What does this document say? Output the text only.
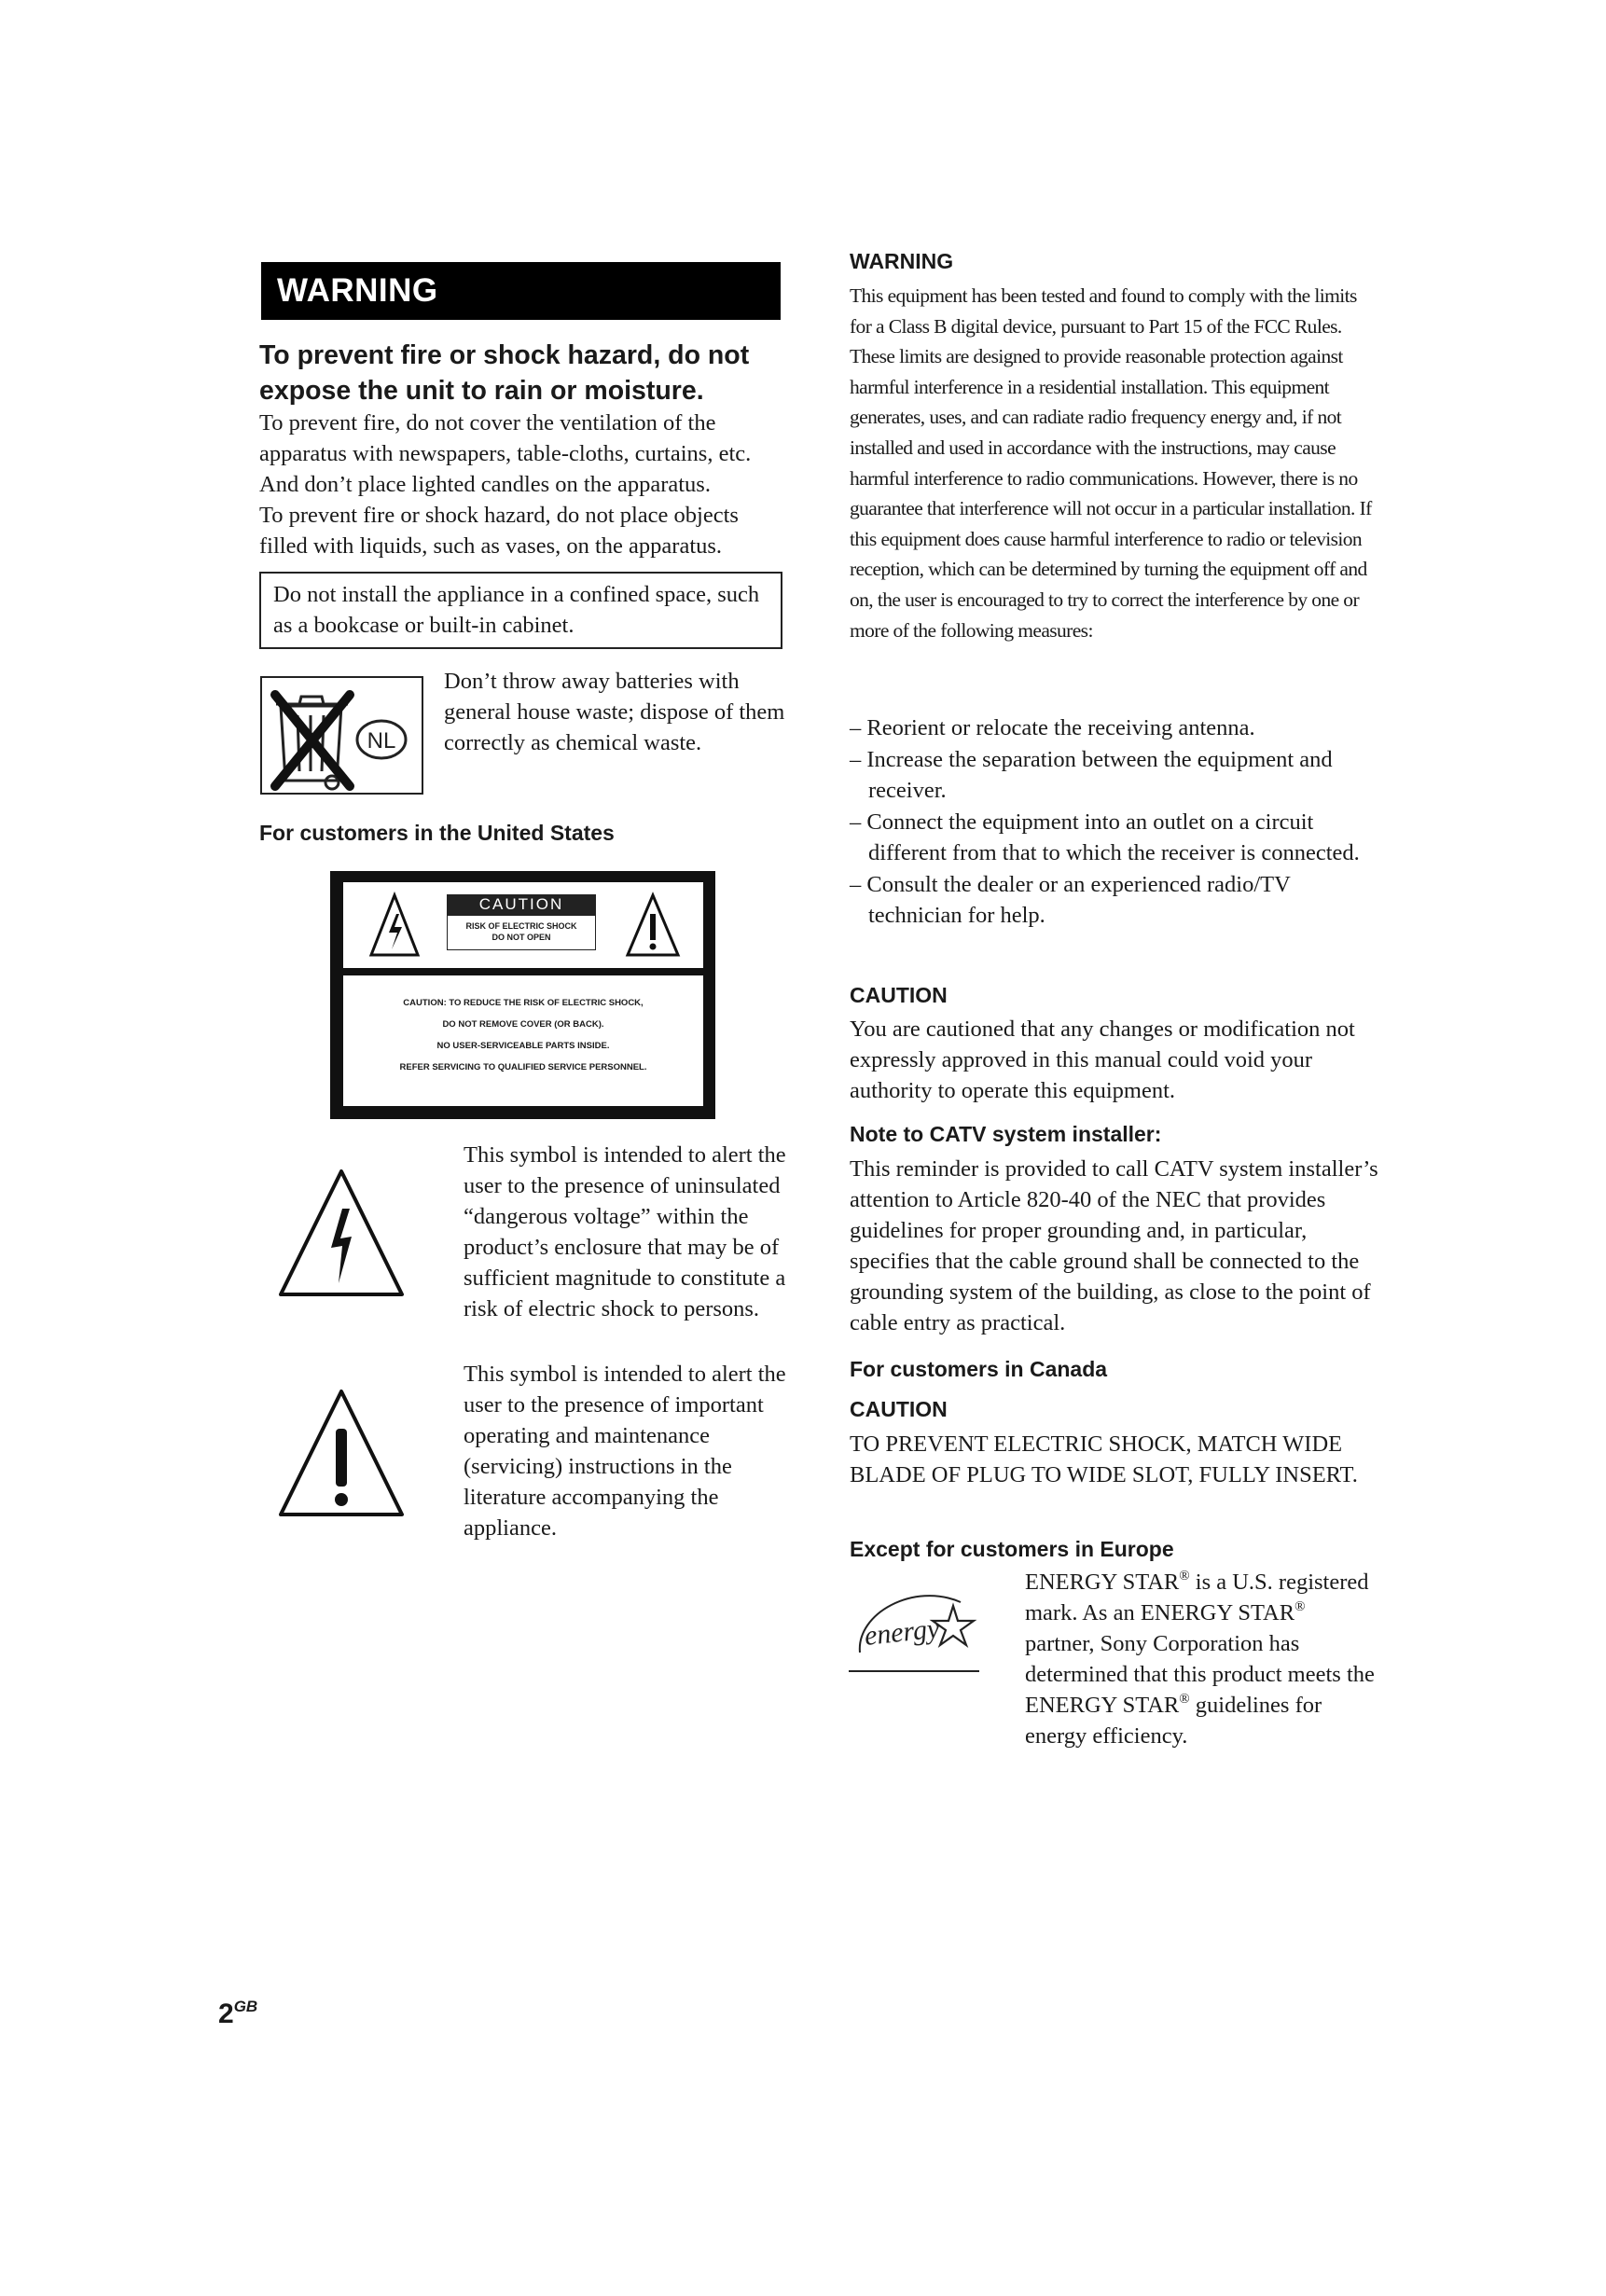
WARNING
To prevent fire or shock hazard, do not expose the unit to rain or moisture.

To prevent fire, do not cover the ventilation of the apparatus with newspapers, table-cloths, curtains, etc. And don’t place lighted candles on the apparatus.

To prevent fire or shock hazard, do not place objects filled with liquids, such as vases, on the apparatus.

Do not install the appliance in a confined space, such as a bookcase or built-in cabinet.
NL
Don’t throw away batteries with general house waste; dispose of them correctly as chemical waste.
For customers in the United States
CAUTION
RISK OF ELECTRIC SHOCK
DO NOT OPEN
CAUTION: TO REDUCE THE RISK OF ELECTRIC SHOCK,
DO NOT REMOVE COVER (OR BACK).
NO USER-SERVICEABLE PARTS INSIDE.
REFER SERVICING TO QUALIFIED SERVICE PERSONNEL.
This symbol is intended to alert the user to the presence of uninsulated “dangerous voltage” within the product’s enclosure that may be of sufficient magnitude to constitute a risk of electric shock to persons.
This symbol is intended to alert the user to the presence of important operating and maintenance (servicing) instructions in the literature accompanying the appliance.
$2^{GB}$
WARNING
This equipment has been tested and found to comply with the limits for a Class B digital device, pursuant to Part 15 of the FCC Rules. These limits are designed to provide reasonable protection against harmful interference in a residential installation. This equipment generates, uses, and can radiate radio frequency energy and, if not installed and used in accordance with the instructions, may cause harmful interference to radio communications. However, there is no guarantee that interference will not occur in a particular installation. If this equipment does cause harmful interference to radio or television reception, which can be determined by turning the equipment off and on, the user is encouraged to try to correct the interference by one or more of the following measures:

– Reorient or relocate the receiving antenna.

– Increase the separation between the equipment and receiver.

– Connect the equipment into an outlet on a circuit different from that to which the receiver is connected.

– Consult the dealer or an experienced radio/TV technician for help.

CAUTION
You are cautioned that any changes or modification not expressly approved in this manual could void your authority to operate this equipment.
Note to CATV system installer:
This reminder is provided to call CATV system installer’s attention to Article 820-40 of the NEC that provides guidelines for proper grounding and, in particular, specifies that the cable ground shall be connected to the grounding system of the building, as close to the point of cable entry as practical.
For customers in Canada
CAUTION
TO PREVENT ELECTRIC SHOCK, MATCH WIDE BLADE OF PLUG TO WIDE SLOT, FULLY INSERT.
Except for customers in Europe
energy
ENERGY STAR® is a U.S. registered mark. As an ENERGY STAR® partner, Sony Corporation has determined that this product meets the ENERGY STAR® guidelines for energy efficiency.
